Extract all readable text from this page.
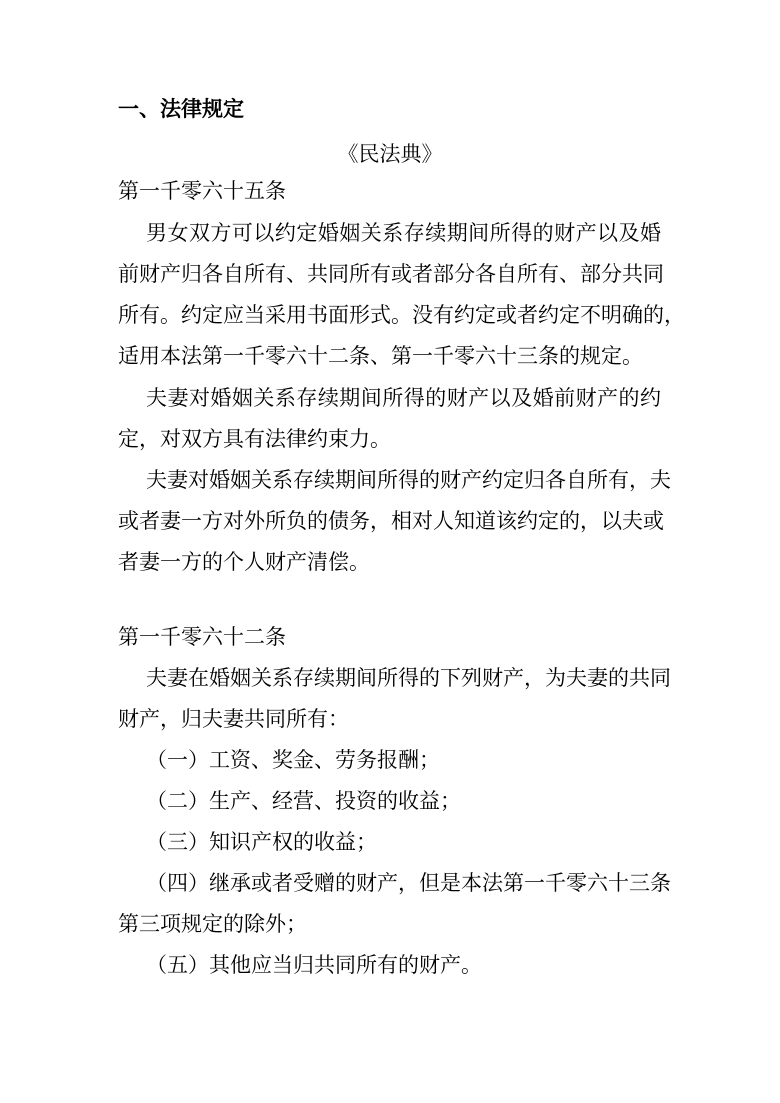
一、法律规定
《民法典》
第一千零六十五条
男女双方可以约定婚姻关系存续期间所得的财产以及婚
前财产归各自所有、共同所有或者部分各自所有、部分共同
所有。约定应当采用书面形式。没有约定或者约定不明确的，
适用本法第一千零六十二条、第一千零六十三条的规定。
夫妻对婚姻关系存续期间所得的财产以及婚前财产的约
定，对双方具有法律约束力。
夫妻对婚姻关系存续期间所得的财产约定归各自所有，夫
或者妻一方对外所负的债务，相对人知道该约定的，以夫或
者妻一方的个人财产清偿。
第一千零六十二条
夫妻在婚姻关系存续期间所得的下列财产，为夫妻的共同
财产，归夫妻共同所有：
（一）工资、奖金、劳务报酬；
（二）生产、经营、投资的收益；
（三）知识产权的收益；
（四）继承或者受赠的财产，但是本法第一千零六十三条
第三项规定的除外；
（五）其他应当归共同所有的财产。
